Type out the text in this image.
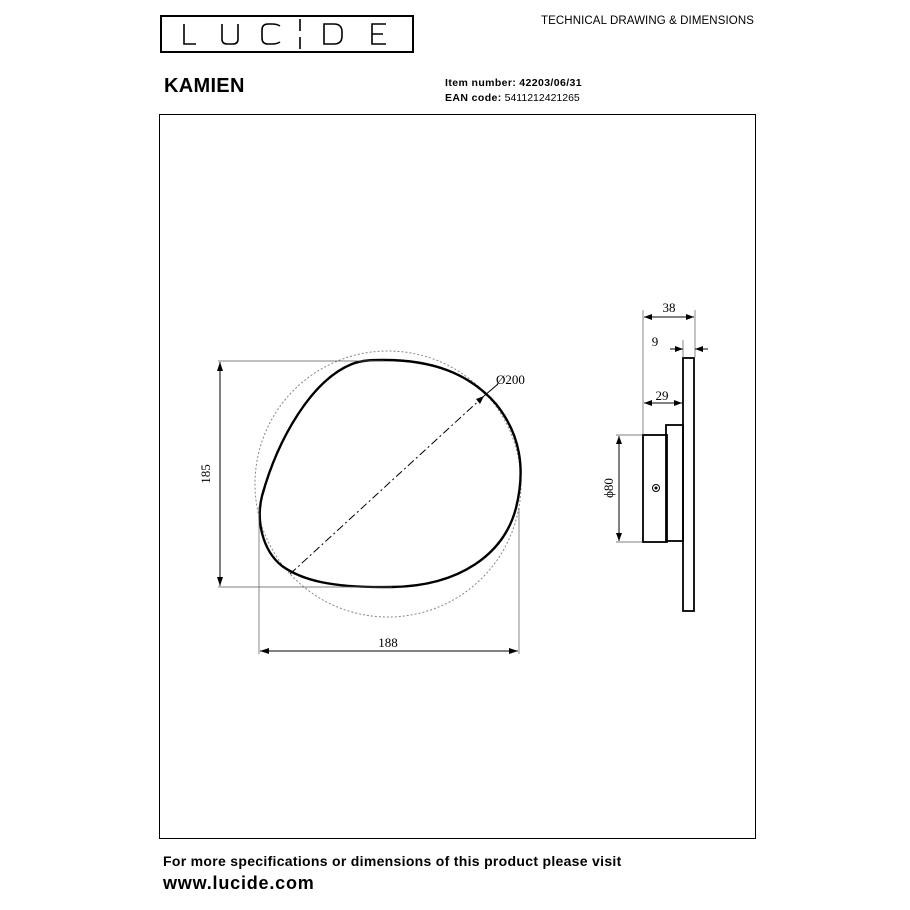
TECHNICAL DRAWING & DIMENSIONS
KAMIEN	Item number: 42203/06/31
EAN code: 5411212421265
185
188
Ø200
38
9
29
ϕ80
For more specifications or dimensions of this product please visit
www.lucide.com
